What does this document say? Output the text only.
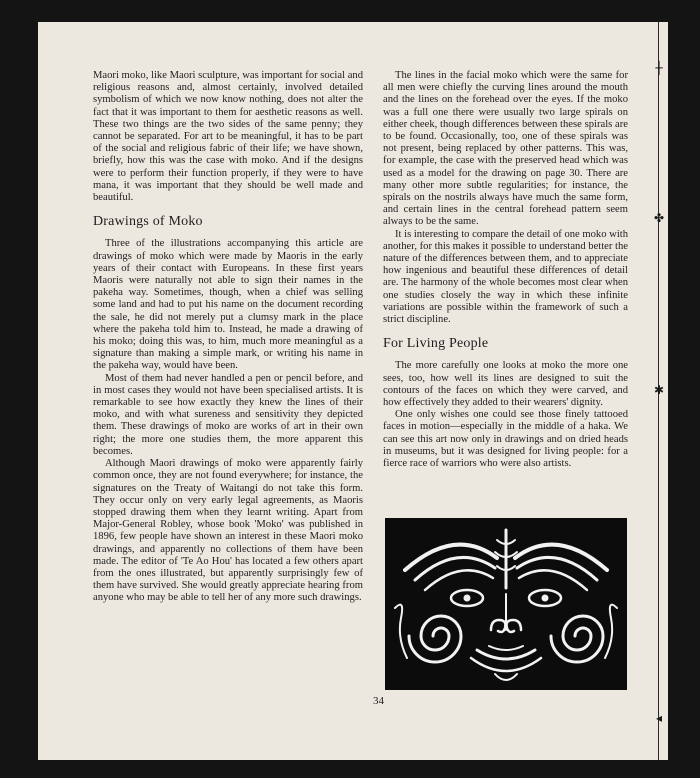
┼
✤
✱
◂

Maori moko, like Maori sculpture, was important for social and religious reasons and, almost certainly, involved detailed symbolism of which we now know nothing, does not alter the fact that it was important to them for aesthetic reasons as well. These two things are the two sides of the same penny; they cannot be separated. For art to be meaningful, it has to be part of the social and religious fabric of their life; we have shown, briefly, how this was the case with moko. And if the designs were to perform their function properly, if they were to have mana, it was important that they should be well made and beautiful.

Drawings of Moko

Three of the illustrations accompanying this article are drawings of moko which were made by Maoris in the early years of their contact with Europeans. In these first years Maoris were naturally not able to sign their names in the pakeha way. Sometimes, though, when a chief was selling some land and had to put his name on the document recording the sale, he did not merely put a clumsy mark in the place where the pakeha told him to. Instead, he made a drawing of his moko; doing this was, to him, much more meaningful as a signature than making a simple mark, or writing his name in the pakeha way, would have been.

Most of them had never handled a pen or pencil before, and in most cases they would not have been specialised artists. It is remarkable to see how exactly they knew the lines of their moko, and with what sureness and sensitivity they depicted them. These drawings of moko are works of art in their own right; the more one studies them, the more apparent this becomes.

Although Maori drawings of moko were apparently fairly common once, they are not found everywhere; for instance, the signatures on the Treaty of Waitangi do not take this form. They occur only on very early legal agreements, as Maoris stopped drawing them when they learnt writing. Apart from Major-General Robley, whose book 'Moko' was published in 1896, few people have shown an interest in these Maori moko drawings, and apparently no collections of them have been made. The editor of 'Te Ao Hou' has located a few others apart from the ones illustrated, but apparently surprisingly few of them have survived. She would greatly appreciate hearing from anyone who may be able to tell her of any more such drawings.

The lines in the facial moko which were the same for all men were chiefly the curving lines around the mouth and the lines on the forehead over the eyes. If the moko was a full one there were usually two large spirals on either cheek, though differences between these spirals are to be found. Occasionally, too, one of these spirals was not present, being replaced by other patterns. This was, for example, the case with the preserved head which was used as a model for the drawing on page 30. There are many other more subtle regularities; for instance, the spirals on the nostrils always have much the same form, and certain lines in the central forehead pattern seem always to be the same.

It is interesting to compare the detail of one moko with another, for this makes it possible to understand better the nature of the differences between them, and to appreciate how ingenious and beautiful these differences of detail are. The harmony of the whole becomes most clear when one studies closely the way in which these infinite variations are possible within the framework of such a strict discipline.

For Living People

The more carefully one looks at moko the more one sees, too, how well its lines are designed to suit the contours of the faces on which they were carved, and how effectively they added to their wearers' dignity.

One only wishes one could see those finely tattooed faces in motion—especially in the middle of a haka. We can see this art now only in drawings and on dried heads in museums, but it was designed for living people: for a fierce race of warriors who were also artists.

34
